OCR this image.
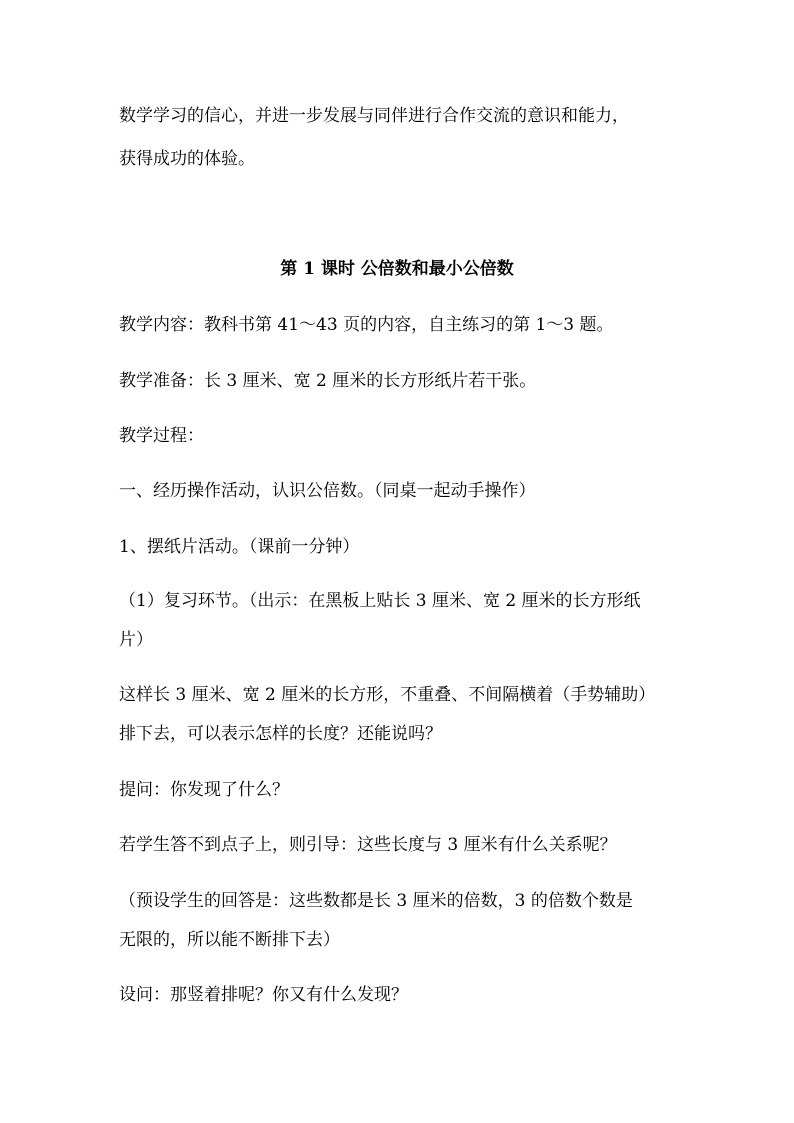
数学学习的信心，并进一步发展与同伴进行合作交流的意识和能力，
获得成功的体验。
第 1 课时 公倍数和最小公倍数
教学内容：教科书第 41～43 页的内容，自主练习的第 1～3 题。
教学准备：长 3 厘米、宽 2 厘米的长方形纸片若干张。
教学过程：
一、经历操作活动，认识公倍数。（同桌一起动手操作）
1、摆纸片活动。（课前一分钟）
（1）复习环节。（出示：在黑板上贴长 3 厘米、宽 2 厘米的长方形纸
片）
这样长 3 厘米、宽 2 厘米的长方形，不重叠、不间隔横着（手势辅助）
排下去，可以表示怎样的长度？还能说吗？
提问：你发现了什么？
若学生答不到点子上，则引导：这些长度与 3 厘米有什么关系呢？
（预设学生的回答是：这些数都是长 3 厘米的倍数，3 的倍数个数是
无限的，所以能不断排下去）
设问：那竖着排呢？你又有什么发现？
